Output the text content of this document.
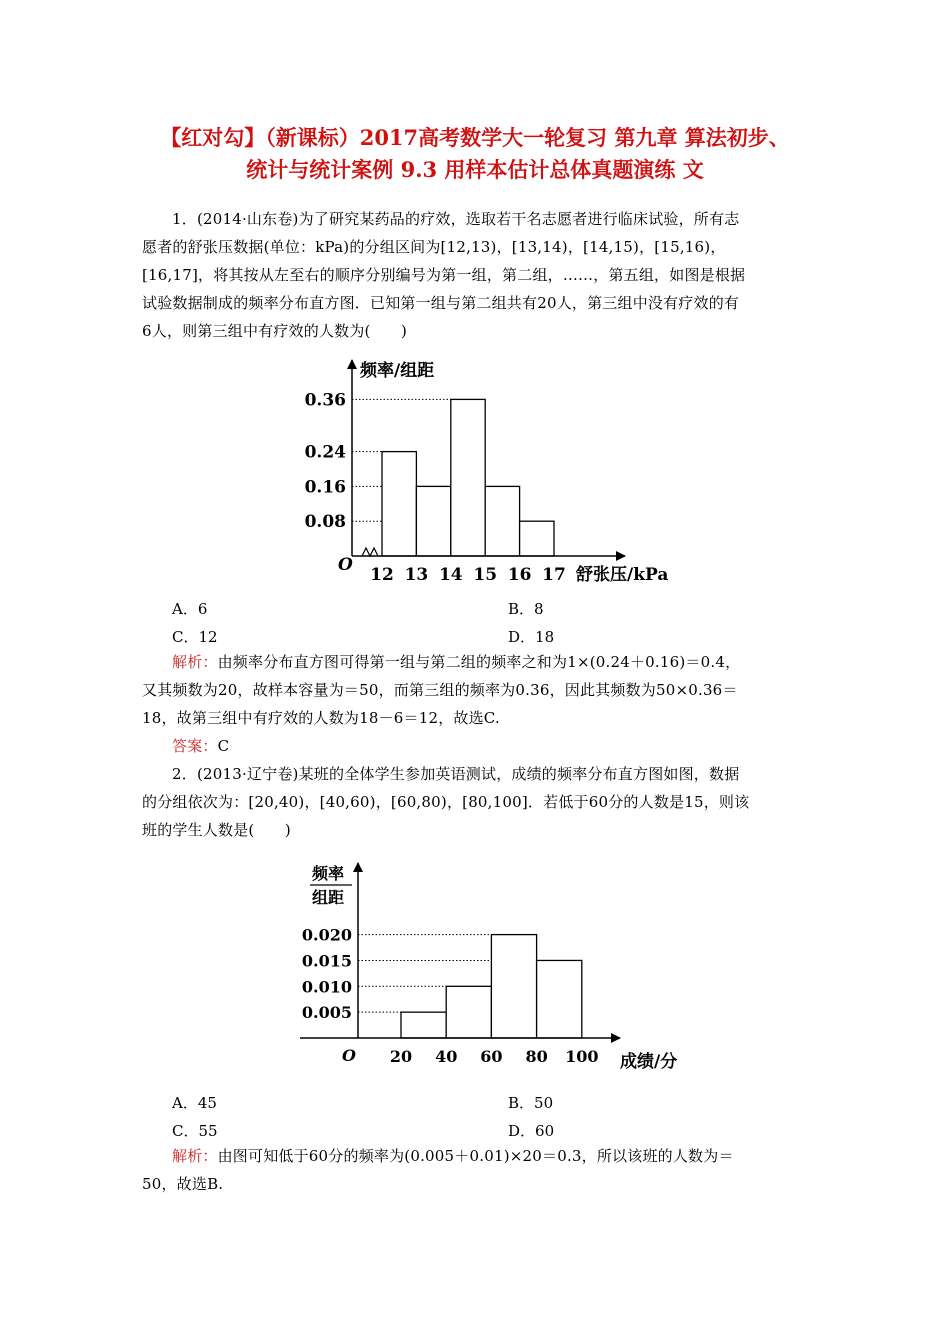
【红对勾】（新课标）2017高考数学大一轮复习 第九章 算法初步、
统计与统计案例 9.3 用样本估计总体真题演练 文
1．(2014·山东卷)为了研究某药品的疗效，选取若干名志愿者进行临床试验，所有志
愿者的舒张压数据(单位：kPa)的分组区间为[12,13)，[13,14)，[14,15)，[15,16)，
[16,17]，将其按从左至右的顺序分别编号为第一组，第二组，……，第五组，如图是根据
试验数据制成的频率分布直方图．已知第一组与第二组共有20人，第三组中没有疗效的有
6人，则第三组中有疗效的人数为(　　)
频率/组距
O	舒张压/kPa
0.36
0.24
0.16
0.08
12 13 14 15 16 17
A．6	B．8
C．12	D．18
解析：由频率分布直方图可得第一组与第二组的频率之和为1×(0.24＋0.16)＝0.4，
又其频数为20，故样本容量为＝50，而第三组的频率为0.36，因此其频数为50×0.36＝
18，故第三组中有疗效的人数为18－6＝12，故选C.
答案：C
2．(2013·辽宁卷)某班的全体学生参加英语测试，成绩的频率分布直方图如图，数据
的分组依次为：[20,40)，[40,60)，[60,80)，[80,100]．若低于60分的人数是15，则该
班的学生人数是(　　)
频率
组距
O	成绩/分
0.020
0.015
0.010
0.005
20 40 60 80 100
A．45	B．50
C．55	D．60
解析：由图可知低于60分的频率为(0.005＋0.01)×20＝0.3，所以该班的人数为＝
50，故选B.
